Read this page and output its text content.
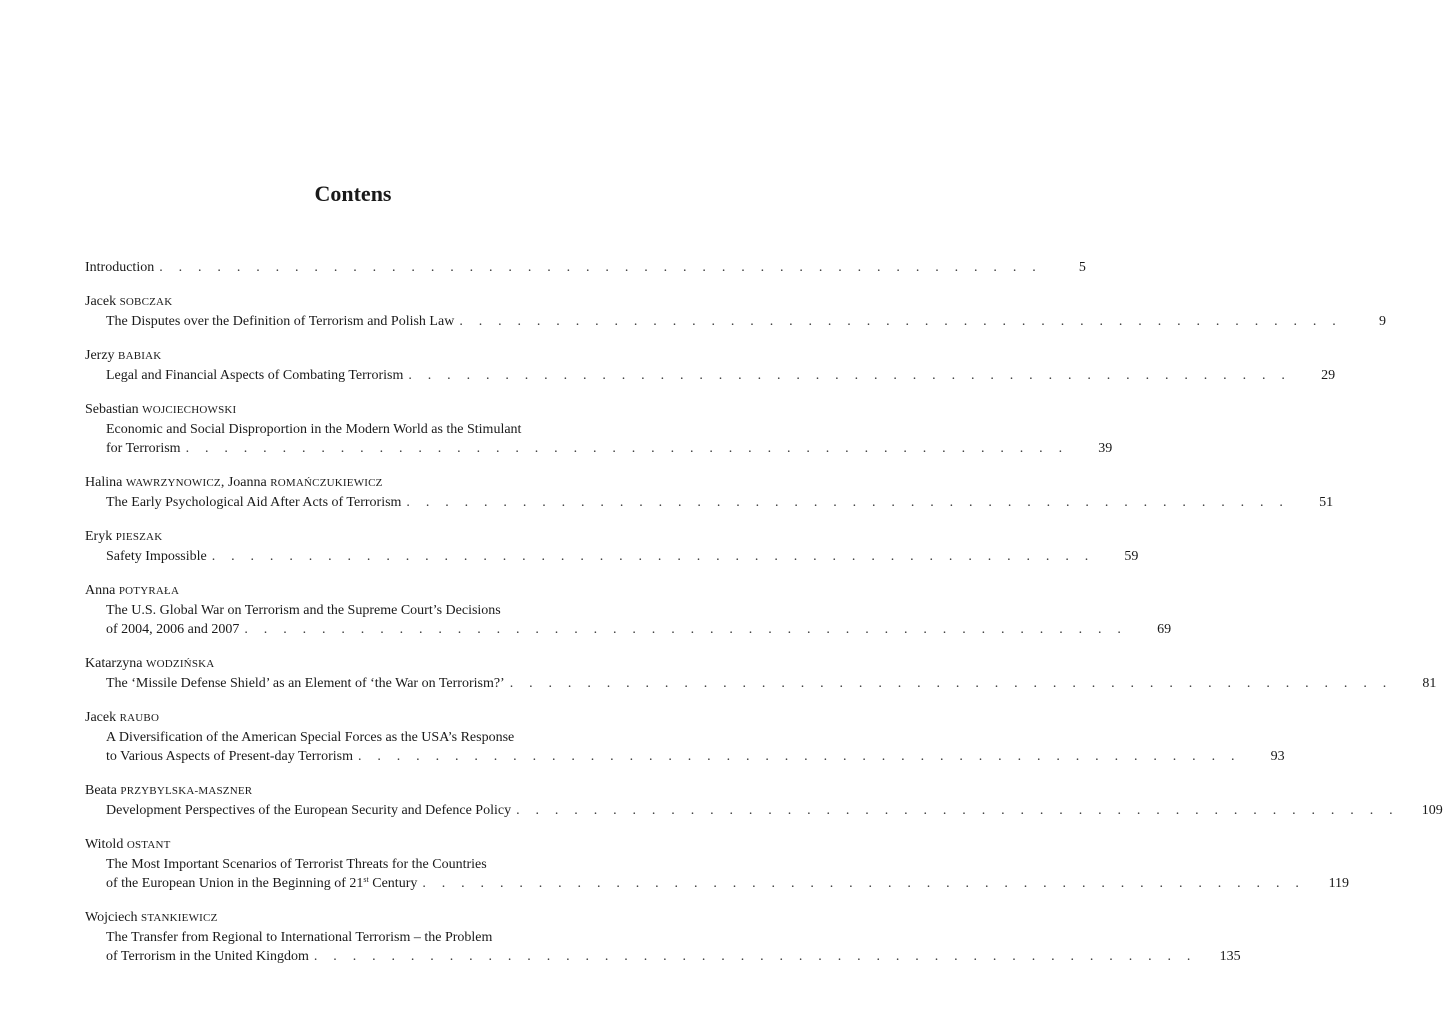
Contens
Introduction . . . . . . . . . . . . . . . . . . . . . . . . . . . . . . . . . . . . . . . . . . . . . .	5
Jacek SOBCZAK
The Disputes over the Definition of Terrorism and Polish Law . . . . . . . . . . . . . . . . . . . . . . . . . . . . . . . . . . . . . . . . . . . . . .	9
Jerzy BABIAK
Legal and Financial Aspects of Combating Terrorism . . . . . . . . . . . . . . . . . . . . . . . . . . . . . . . . . . . . . . . . . . . . . .	29
Sebastian WOJCIECHOWSKI
Economic and Social Disproportion in the Modern World as the Stimulant
for Terrorism . . . . . . . . . . . . . . . . . . . . . . . . . . . . . . . . . . . . . . . . . . . . . .	39
Halina WAWRZYNOWICZ, Joanna ROMAŃCZUKIEWICZ
The Early Psychological Aid After Acts of Terrorism . . . . . . . . . . . . . . . . . . . . . . . . . . . . . . . . . . . . . . . . . . . . . .	51
Eryk PIESZAK
Safety Impossible . . . . . . . . . . . . . . . . . . . . . . . . . . . . . . . . . . . . . . . . . . . . . .	59
Anna POTYRAŁA
The U.S. Global War on Terrorism and the Supreme Court’s Decisions
of 2004, 2006 and 2007 . . . . . . . . . . . . . . . . . . . . . . . . . . . . . . . . . . . . . . . . . . . . . .	69
Katarzyna WODZIŃSKA
The ‘Missile Defense Shield’ as an Element of ‘the War on Terrorism?’ . . . . . . . . . . . . . . . . . . . . . . . . . . . . . . . . . . . . . . . . . . . . . .	81
Jacek RAUBO
A Diversification of the American Special Forces as the USA’s Response
to Various Aspects of Present-day Terrorism . . . . . . . . . . . . . . . . . . . . . . . . . . . . . . . . . . . . . . . . . . . . . .	93
Beata PRZYBYLSKA-MASZNER
Development Perspectives of the European Security and Defence Policy . . . . . . . . . . . . . . . . . . . . . . . . . . . . . . . . . . . . . . . . . . . . . .	109
Witold OSTANT
The Most Important Scenarios of Terrorist Threats for the Countries
of the European Union in the Beginning of 21st Century . . . . . . . . . . . . . . . . . . . . . . . . . . . . . . . . . . . . . . . . . . . . . .	119
Wojciech STANKIEWICZ
The Transfer from Regional to International Terrorism – the Problem
of Terrorism in the United Kingdom . . . . . . . . . . . . . . . . . . . . . . . . . . . . . . . . . . . . . . . . . . . . . .	135
